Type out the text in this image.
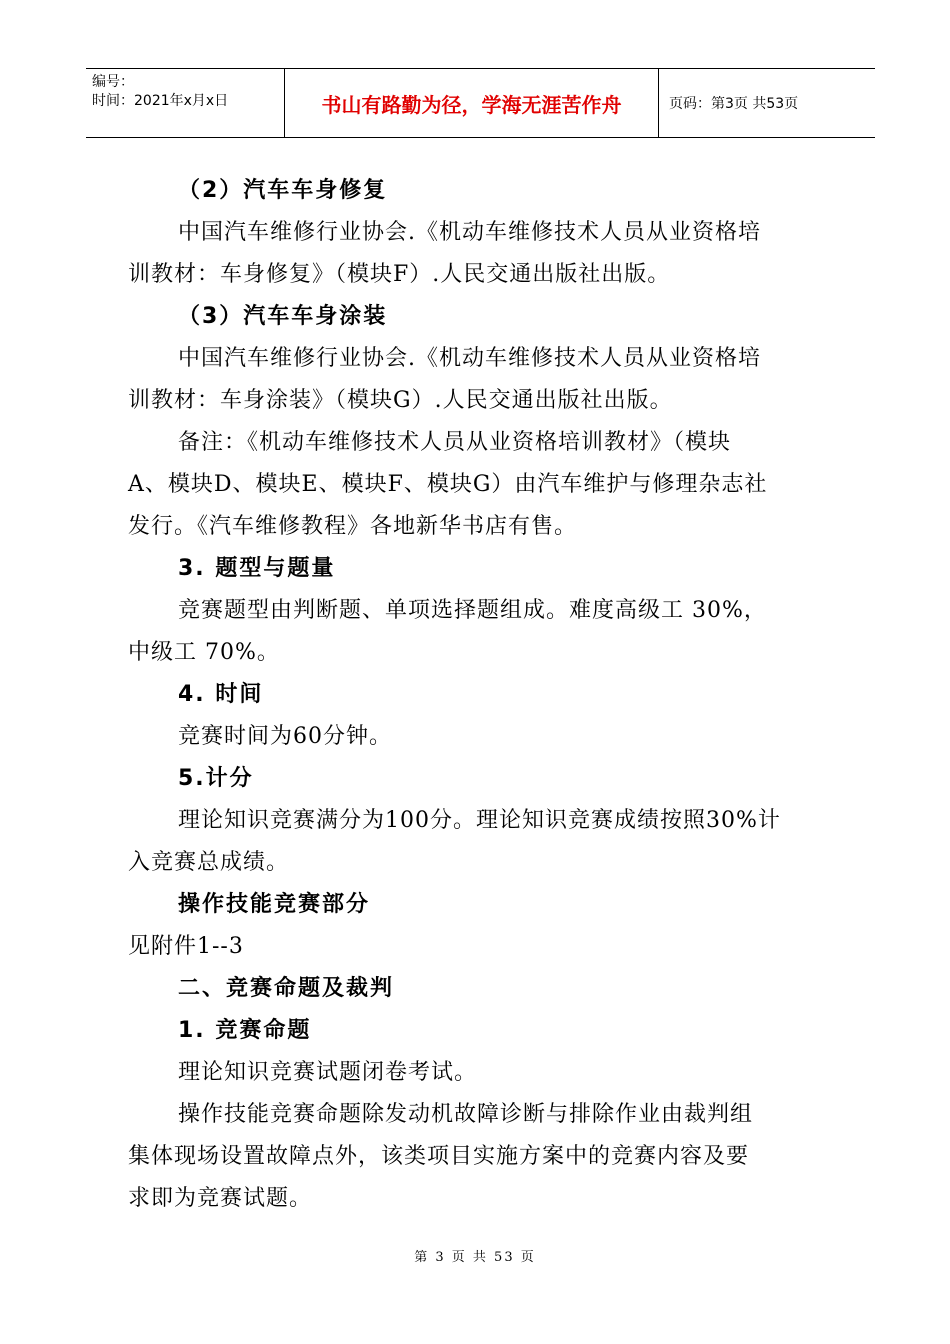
编号：
时间：2021年x月x日	书山有路勤为径，学海无涯苦作舟	页码：第3页 共53页
（2）汽车车身修复
中国汽车维修行业协会.《机动车维修技术人员从业资格培
训教材：车身修复》（模块F）.人民交通出版社出版。
（3）汽车车身涂装
中国汽车维修行业协会.《机动车维修技术人员从业资格培
训教材：车身涂装》（模块G）.人民交通出版社出版。
备注：《机动车维修技术人员从业资格培训教材》（模块
A、模块D、模块E、模块F、模块G）由汽车维护与修理杂志社
发行。《汽车维修教程》各地新华书店有售。
3. 题型与题量
竞赛题型由判断题、单项选择题组成。难度高级工 30%，
中级工 70%。
4. 时间
竞赛时间为60分钟。
5.计分
理论知识竞赛满分为100分。理论知识竞赛成绩按照30%计
入竞赛总成绩。
操作技能竞赛部分
见附件1--3
二、竞赛命题及裁判
1. 竞赛命题
理论知识竞赛试题闭卷考试。
操作技能竞赛命题除发动机故障诊断与排除作业由裁判组
集体现场设置故障点外，该类项目实施方案中的竞赛内容及要
求即为竞赛试题。
第 3 页 共 53 页
